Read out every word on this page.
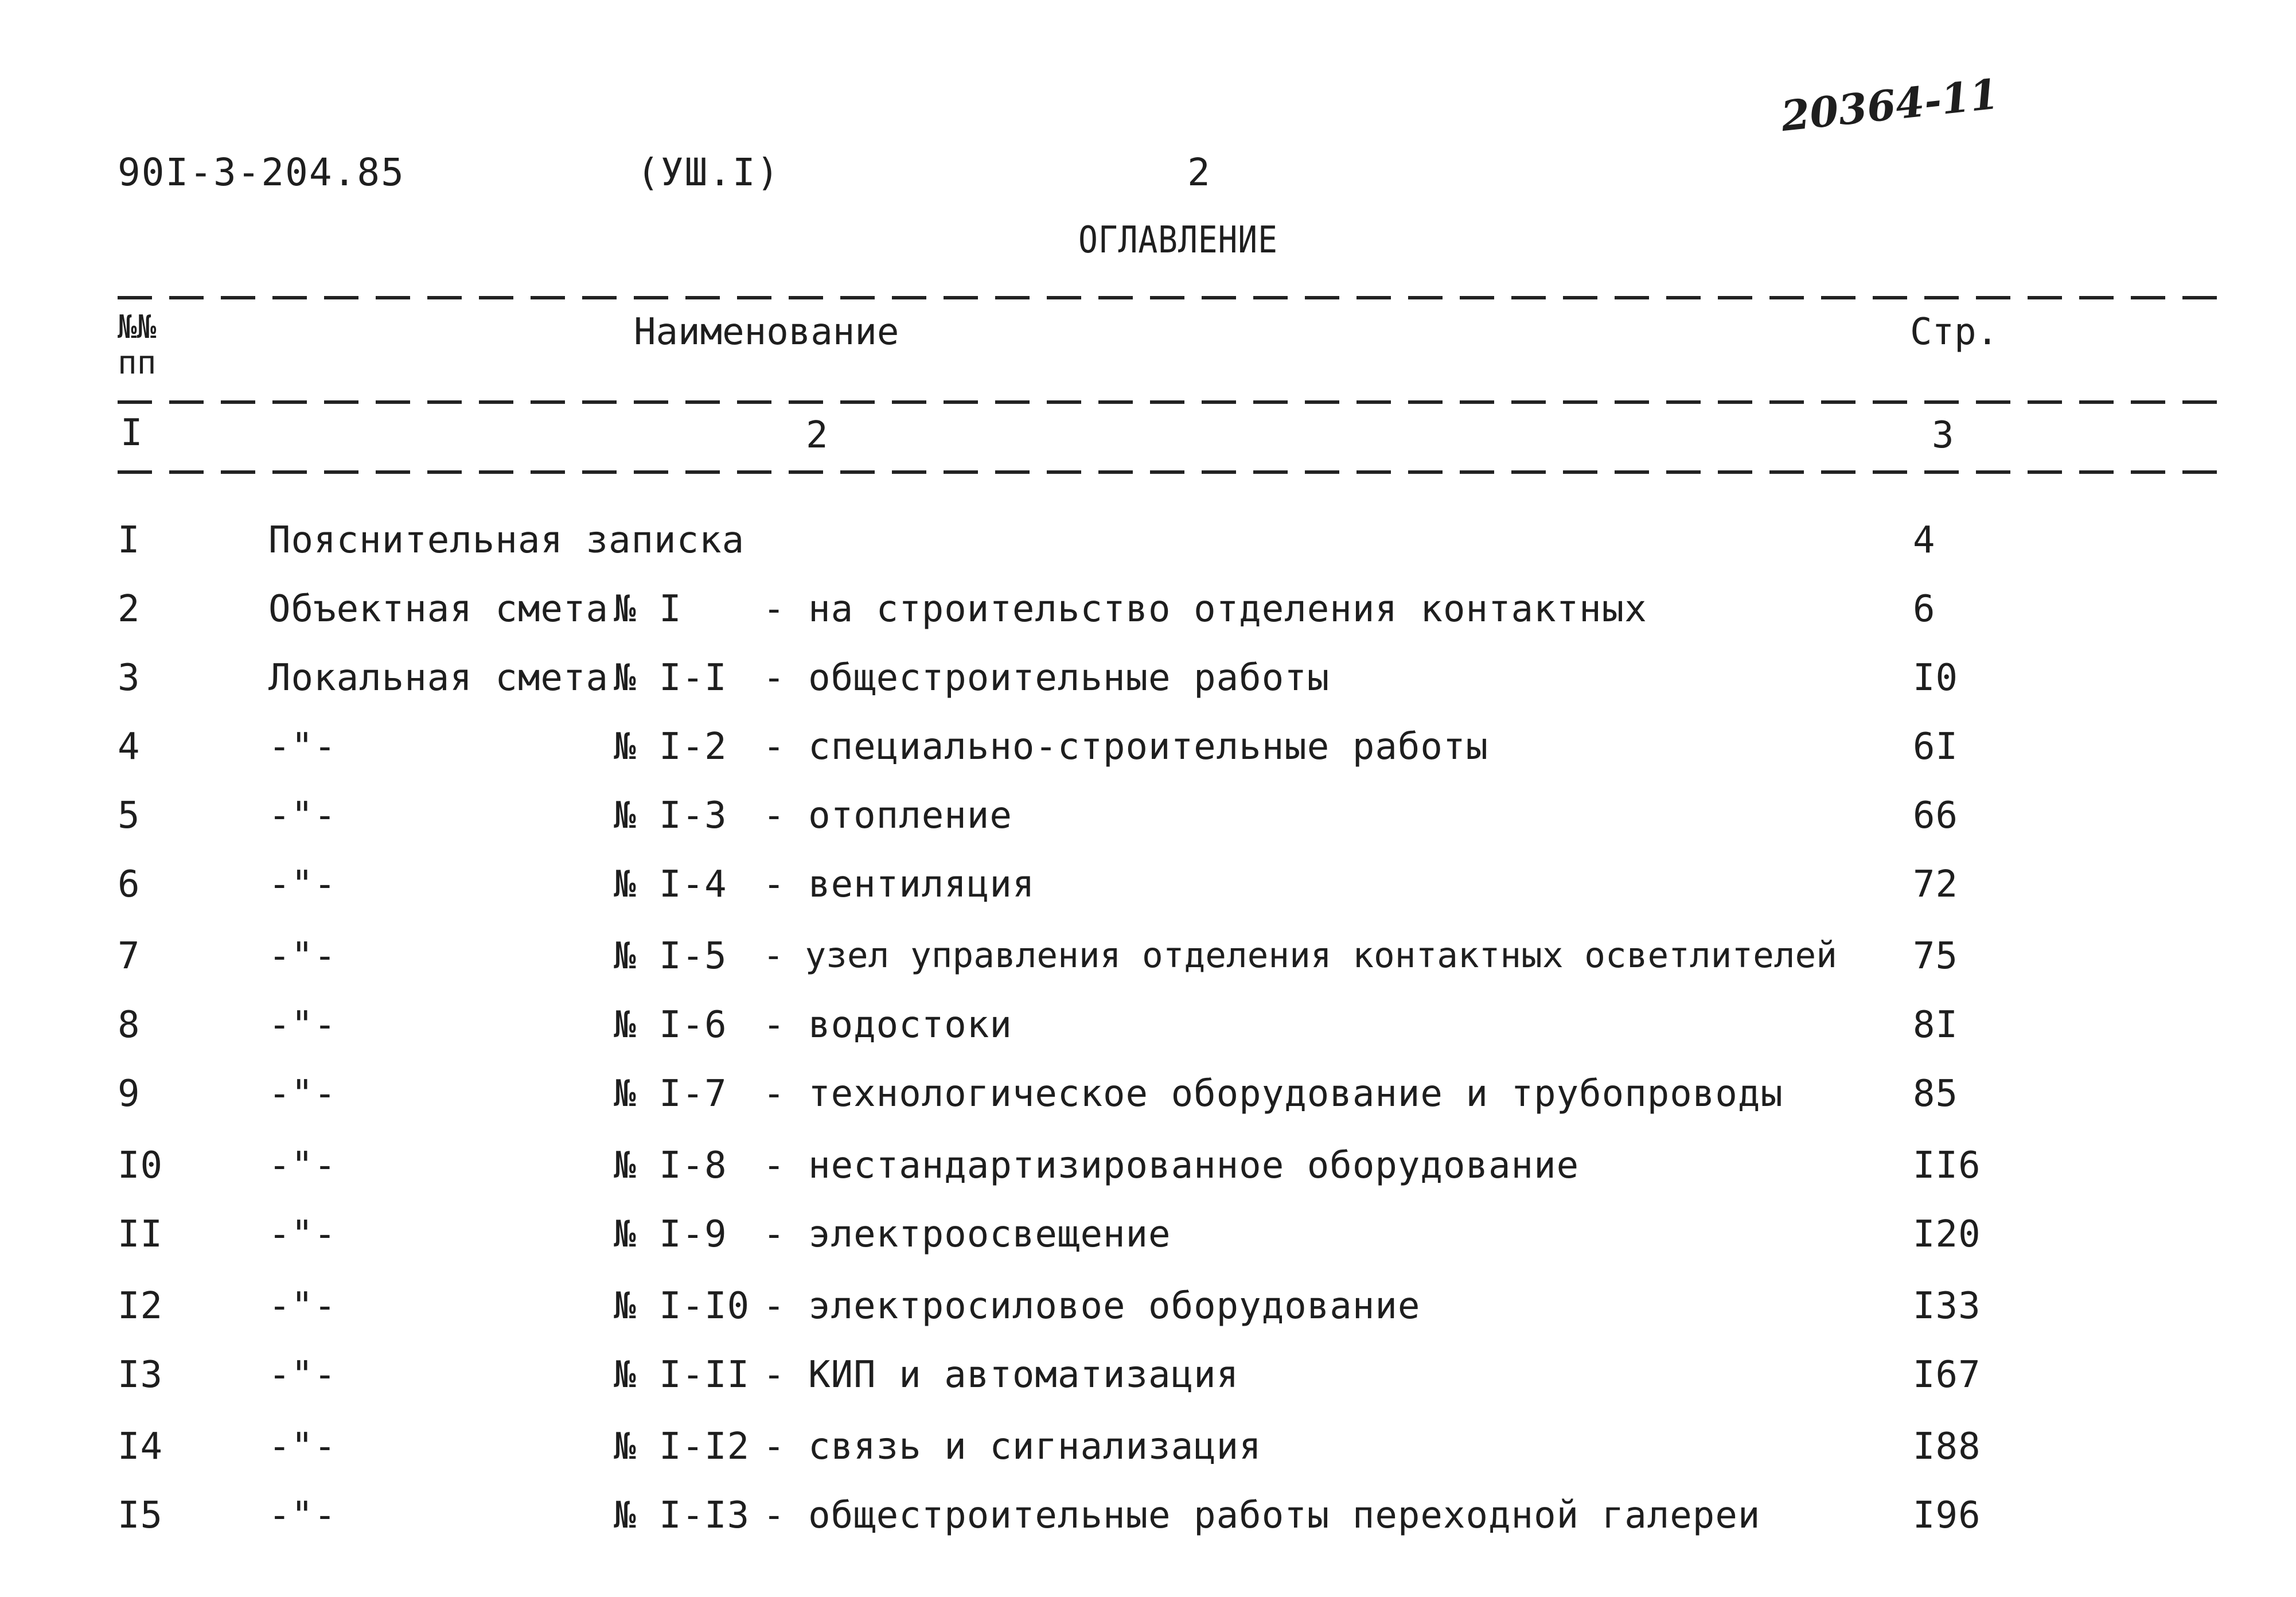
90I-3-204.85	(УШ.I)	2
20364-11
ОГЛАВЛЕНИЕ
№№
пп
Наименование	Стр.
I	2	3
I	Пояснительная записка	4
2	Объектная смета № I - на строительство отделения контактных	6
3	Локальная смета № I-I - общестроительные работы	I0
4	-"-	№ I-2 - специально-строительные работы	6I
5	-"-	№ I-3 - отопление	66
6	-"-	№ I-4 - вентиляция	72
7	-"-	№ I-5 - узел управления отделения контактных осветлителей 75
8	-"-	№ I-6 - водостоки	8I
9	-"-	№ I-7 - технологическое оборудование и трубопроводы	85
I0	-"-	№ I-8 - нестандартизированное оборудование	II6
II	-"-	№ I-9 - электроосвещение	I20
I2	-"-	№ I-I0 - электросиловое оборудование	I33
I3	-"-	№ I-II - КИП и автоматизация	I67
I4	-"-	№ I-I2 - связь и сигнализация	I88
I5	-"-	№ I-I3 - общестроительные работы переходной галереи	I96
